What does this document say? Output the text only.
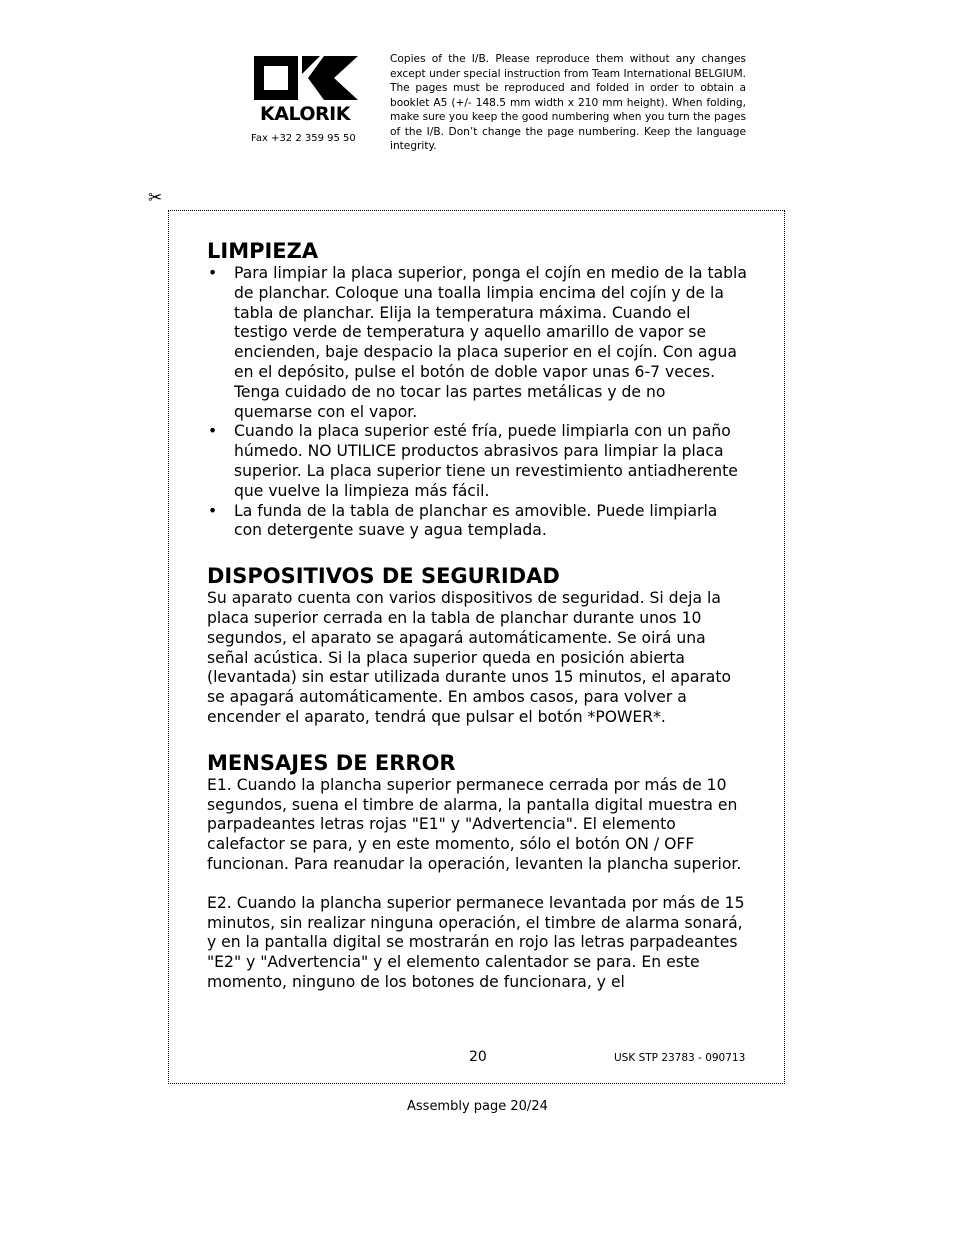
KALORIK
Fax +32 2 359 95 50
Copies of the I/B. Please reproduce them without any changes except under special instruction from Team International BELGIUM. The pages must be reproduced and folded in order to obtain a booklet A5 (+/- 148.5 mm width x 210 mm height). When folding, make sure you keep the good numbering when you turn the pages of the I/B. Don’t change the page numbering. Keep the language integrity.
✂
LIMPIEZA
• Para limpiar la placa superior, ponga el cojín en medio de la tabla de planchar. Coloque una toalla limpia encima del cojín y de la tabla de planchar. Elija la temperatura máxima. Cuando el testigo verde de temperatura y aquello amarillo de vapor se encienden, baje despacio la placa superior en el cojín. Con agua en el depósito, pulse el botón de doble vapor unas 6-7 veces. Tenga cuidado de no tocar las partes metálicas y de no quemarse con el vapor.
• Cuando la placa superior esté fría, puede limpiarla con un paño húmedo. NO UTILICE productos abrasivos para limpiar la placa superior. La placa superior tiene un revestimiento antiadherente que vuelve la limpieza más fácil.
• La funda de la tabla de planchar es amovible. Puede limpiarla con detergente suave y agua templada.
DISPOSITIVOS DE SEGURIDAD

Su aparato cuenta con varios dispositivos de seguridad. Si deja la placa superior cerrada en la tabla de planchar durante unos 10 segundos, el aparato se apagará automáticamente. Se oirá una señal acústica. Si la placa superior queda en posición abierta (levantada) sin estar utilizada durante unos 15 minutos, el aparato se apagará automáticamente. En ambos casos, para volver a encender el aparato, tendrá que pulsar el botón *POWER*.

MENSAJES DE ERROR

E1. Cuando la plancha superior permanece cerrada por más de 10 segundos, suena el timbre de alarma, la pantalla digital muestra en parpadeantes letras rojas "E1" y "Advertencia". El elemento calefactor se para, y en este momento, sólo el botón ON / OFF funcionan. Para reanudar la operación, levanten la plancha superior.

E2. Cuando la plancha superior permanece levantada por más de 15 minutos, sin realizar ninguna operación, el timbre de alarma sonará, y en la pantalla digital se mostrarán en rojo las letras parpadeantes "E2" y "Advertencia" y el elemento calentador se para. En este momento, ninguno de los botones de funcionara, y el

20	USK STP 23783 - 090713
Assembly page 20/24
